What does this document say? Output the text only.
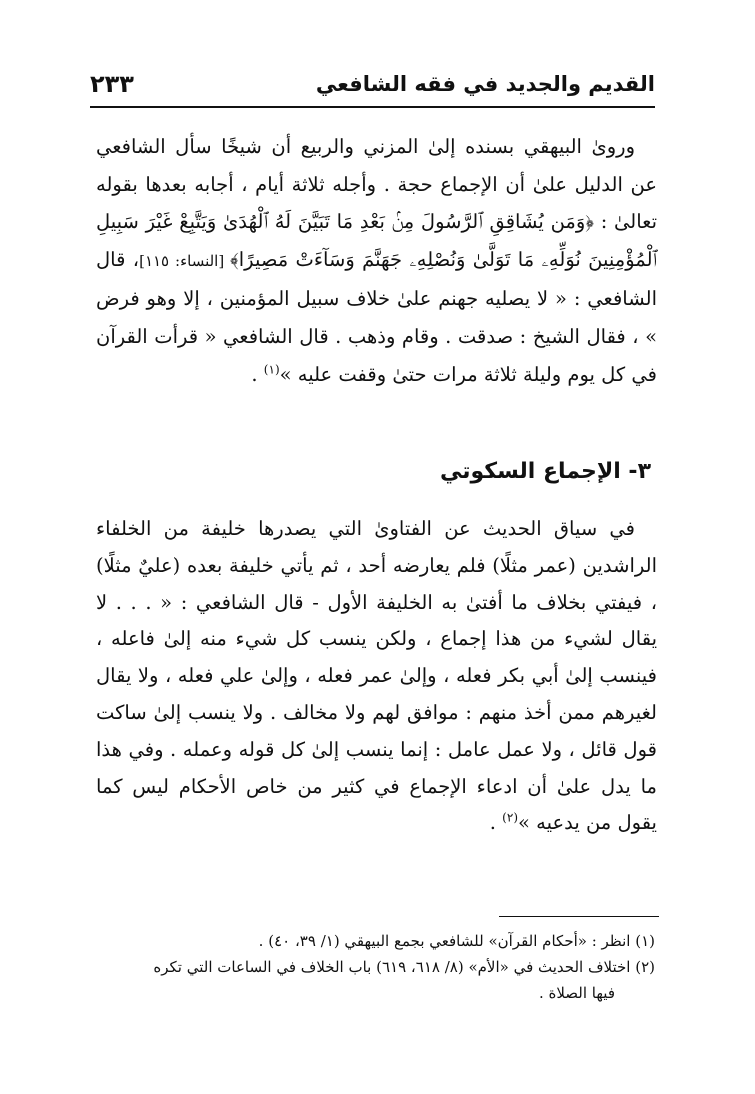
القديم والجديد في فقه الشافعي
٢٣٣

وروىٰ البيهقي بسنده إلىٰ المزني والربيع أن شيخًا سأل الشافعي عن الدليل علىٰ أن الإجماع حجة . وأجله ثلاثة أيام ، أجابه بعدها بقوله تعالىٰ : ﴿وَمَن يُشَاقِقِ ٱلرَّسُولَ مِنۢ بَعْدِ مَا تَبَيَّنَ لَهُ ٱلْهُدَىٰ وَيَتَّبِعْ غَيْرَ سَبِيلِ ٱلْمُؤْمِنِينَ نُوَلِّهِۦ مَا تَوَلَّىٰ وَنُصْلِهِۦ جَهَنَّمَ وَسَآءَتْ مَصِيرًا﴾ [النساء: ١١٥]، قال الشافعي : « لا يصليه جهنم علىٰ خلاف سبيل المؤمنين ، إلا وهو فرض » ، فقال الشيخ : صدقت . وقام وذهب . قال الشافعي « قرأت القرآن في كل يوم وليلة ثلاثة مرات حتىٰ وقفت عليه »$^{(١)}$ .

٣- الإجماع السكوتي

في سياق الحديث عن الفتاوىٰ التي يصدرها خليفة من الخلفاء الراشدين (عمر مثلًا) فلم يعارضه أحد ، ثم يأتي خليفة بعده (عليٌ مثلًا) ، فيفتي بخلاف ما أفتىٰ به الخليفة الأول - قال الشافعي : « . . . لا يقال لشيء من هذا إجماع ، ولكن ينسب كل شيء منه إلىٰ فاعله ، فينسب إلىٰ أبي بكر فعله ، وإلىٰ عمر فعله ، وإلىٰ علي فعله ، ولا يقال لغيرهم ممن أخذ منهم : موافق لهم ولا مخالف . ولا ينسب إلىٰ ساكت قول قائل ، ولا عمل عامل : إنما ينسب إلىٰ كل قوله وعمله . وفي هذا ما يدل علىٰ أن ادعاء الإجماع في كثير من خاص الأحكام ليس كما يقول من يدعيه »$^{(٢)}$ .

(١) انظر : «أحكام القرآن» للشافعي بجمع البيهقي (١/ ٣٩، ٤٠) .

(٢) اختلاف الحديث في «الأم» (٨/ ٦١٨، ٦١٩) باب الخلاف في الساعات التي تكره

فيها الصلاة .
